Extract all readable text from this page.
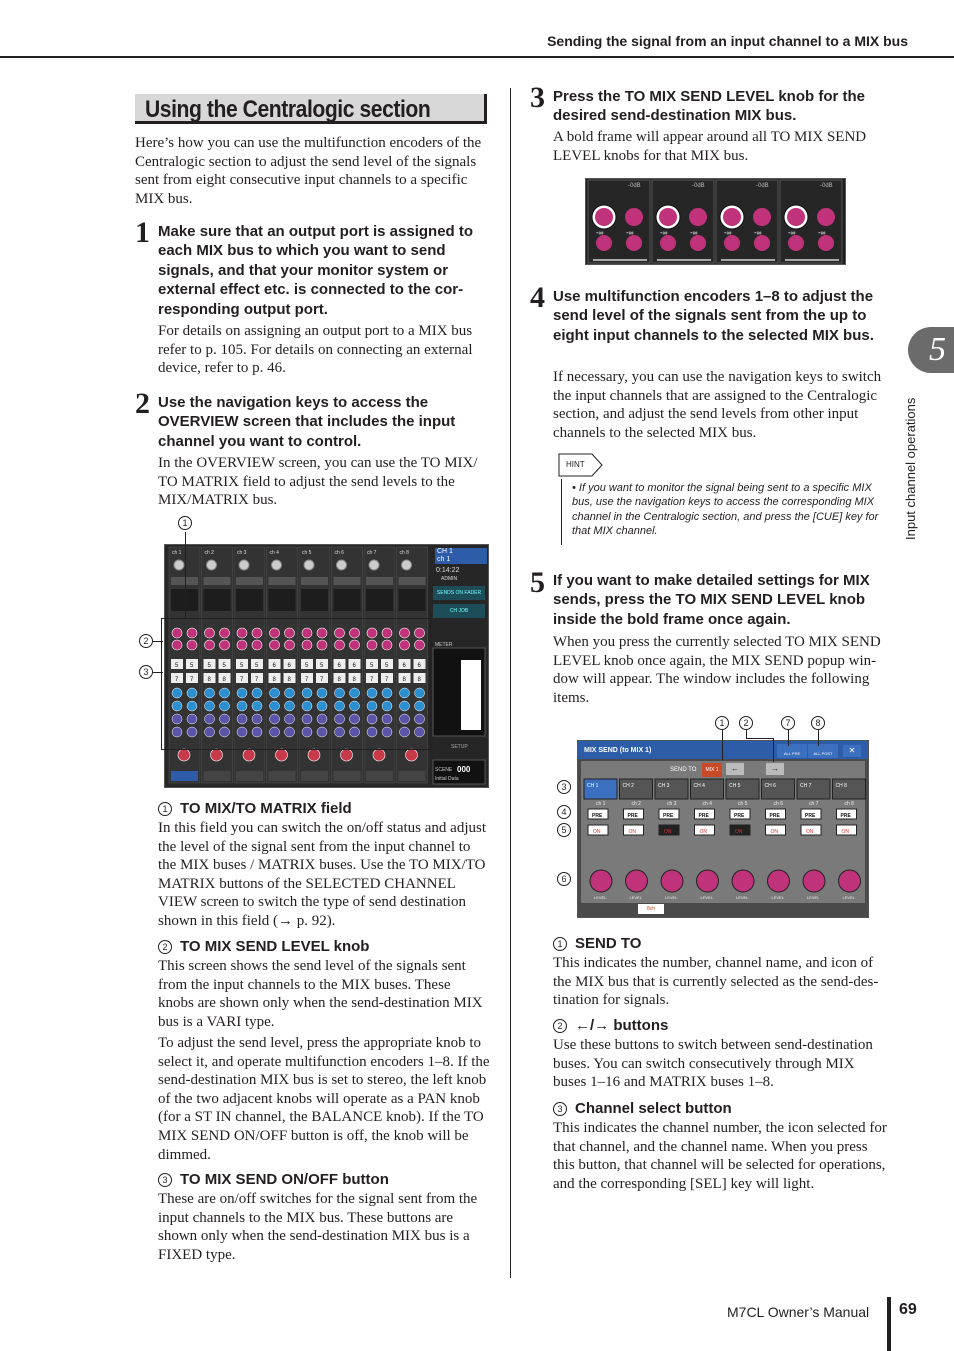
Sending the signal from an input channel to a MIX bus
Using the Centralogic section

Here’s how you can use the multifunction encoders of the Centralogic section to adjust the send level of the signals sent from eight consecutive input channels to a specific MIX bus.

1 Make sure that an output port is assigned to each MIX bus to which you want to send signals, and that your monitor system or external effect etc. is connected to the cor-responding output port.

For details on assigning an output port to a MIX bus refer to p. 105. For details on connecting an external device, refer to p. 46.

2 Use the navigation keys to access the OVERVIEW screen that includes the input channel you want to control.

In the OVERVIEW screen, you can use the TO MIX/ TO MATRIX field to adjust the send levels to the MIX/MATRIX bus.

ch 1
5
7
5
7
ch 2
5
8
5
8
ch 3
5
7
5
7
ch 4
6
8
6
8
ch 5
5
7
5
7
ch 6
6
8
6
8
ch 7
5
7
5
7
ch 8
6
8
6
8
CH 1
ch 1
0:14:22
ADMIN
SENDS ON FADER
CH JOB
METER
SETUP
SCENE 000
Initial Data
1
2
3
1 TO MIX/TO MATRIX field

In this field you can switch the on/off status and adjust the level of the signal sent from the input channel to the MIX buses / MATRIX buses. Use the TO MIX/TO MATRIX buttons of the SELECTED CHANNEL VIEW screen to switch the type of send destination shown in this field (→ p. 92).

2 TO MIX SEND LEVEL knob

This screen shows the send level of the signals sent from the input channels to the MIX buses. These knobs are shown only when the send-destination MIX bus is a VARI type.

To adjust the send level, press the appropriate knob to select it, and operate multifunction encoders 1–8. If the send-destination MIX bus is set to stereo, the left knob of the two adjacent knobs will operate as a PAN knob (for a ST IN channel, the BALANCE knob). If the TO MIX SEND ON/OFF button is off, the knob will be dimmed.

3 TO MIX SEND ON/OFF button

These are on/off switches for the signal sent from the input channels to the MIX bus. These buttons are shown only when the send-destination MIX bus is a FIXED type.

3 Press the TO MIX SEND LEVEL knob for the desired send-destination MIX bus.

A bold frame will appear around all TO MIX SEND LEVEL knobs for that MIX bus.

-0dB
-∞	-∞
-0dB
-∞	-∞
-0dB
-∞	-∞
-0dB
-∞	-∞
4 Use multifunction encoders 1–8 to adjust the send level of the signals sent from the up to eight input channels to the selected MIX bus.

If necessary, you can use the navigation keys to switch the input channels that are assigned to the Centralogic section, and adjust the send levels from other input channels to the selected MIX bus.

HINT

• If you want to monitor the signal being sent to a specific MIX bus, use the navigation keys to access the corresponding MIX channel in the Centralogic section, and press the [CUE] key for that MIX channel.

5 If you want to make detailed settings for MIX sends, press the TO MIX SEND LEVEL knob inside the bold frame once again.

When you press the currently selected TO MIX SEND LEVEL knob once again, the MIX SEND popup win-dow will appear. The window includes the following items.

CH 1
ch 1
PRE
ON
LEVEL
CH 2
ch 2
PRE
ON
LEVEL
CH 3
ch 3
PRE
ON
LEVEL
CH 4
ch 4
PRE
ON
LEVEL
CH 5
ch 5
PRE
ON
LEVEL
CH 6
ch 6
PRE
ON
LEVEL
CH 7
ch 7
PRE
ON
LEVEL
CH 8
ch 8
PRE
ON
LEVEL
MIX SEND (to MIX 1)	✕
SEND TO	MIX 1	←	→
ALL PRE	ALL POST
8ch
1	2	7	8
3
4
5
6
1 SEND TO

This indicates the number, channel name, and icon of the MIX bus that is currently selected as the send-des-tination for signals.

2 ←/→ buttons

Use these buttons to switch between send-destination buses. You can switch consecutively through MIX buses 1–16 and MATRIX buses 1–8.

3 Channel select button

This indicates the channel number, the icon selected for that channel, and the channel name. When you press this button, that channel will be selected for operations, and the corresponding [SEL] key will light.

5
Input channel operations
M7CL Owner’s Manual 69
